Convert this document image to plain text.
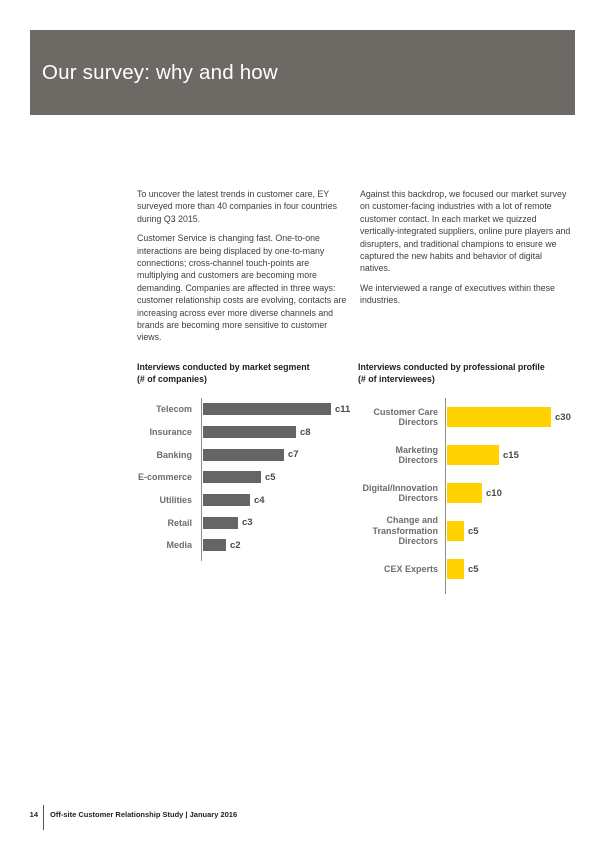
Our survey: why and how

To uncover the latest trends in customer care, EY surveyed more than 40 companies in four countries during Q3 2015.

Customer Service is changing fast. One-to-one interactions are being displaced by one-to-many connections; cross-channel touch-points are multiplying and customers are becoming more demanding. Companies are affected in three ways: customer relationship costs are evolving, contacts are increasing across ever more diverse channels and brands are becoming more sensitive to customer views.

Against this backdrop, we focused our market survey on customer-facing industries with a lot of remote customer contact. In each market we quizzed vertically-integrated suppliers, online pure players and disrupters, and traditional champions to ensure we captured the new habits and behavior of digital natives.

We interviewed a range of executives within these industries.

Interviews conducted by market segment
(# of companies)
Telecom	c11
Insurance	c8
Banking	c7
E-commerce	c5
Utilities	c4
Retail	c3
Media	c2
Interviews conducted by professional profile
(# of interviewees)
Customer Care
Directors	c30
Marketing
Directors	c15
Digital/Innovation
Directors	c10
Change and
Transformation
Directors
c5
CEX Experts	c5
14 Off-site Customer Relationship Study | January 2016
